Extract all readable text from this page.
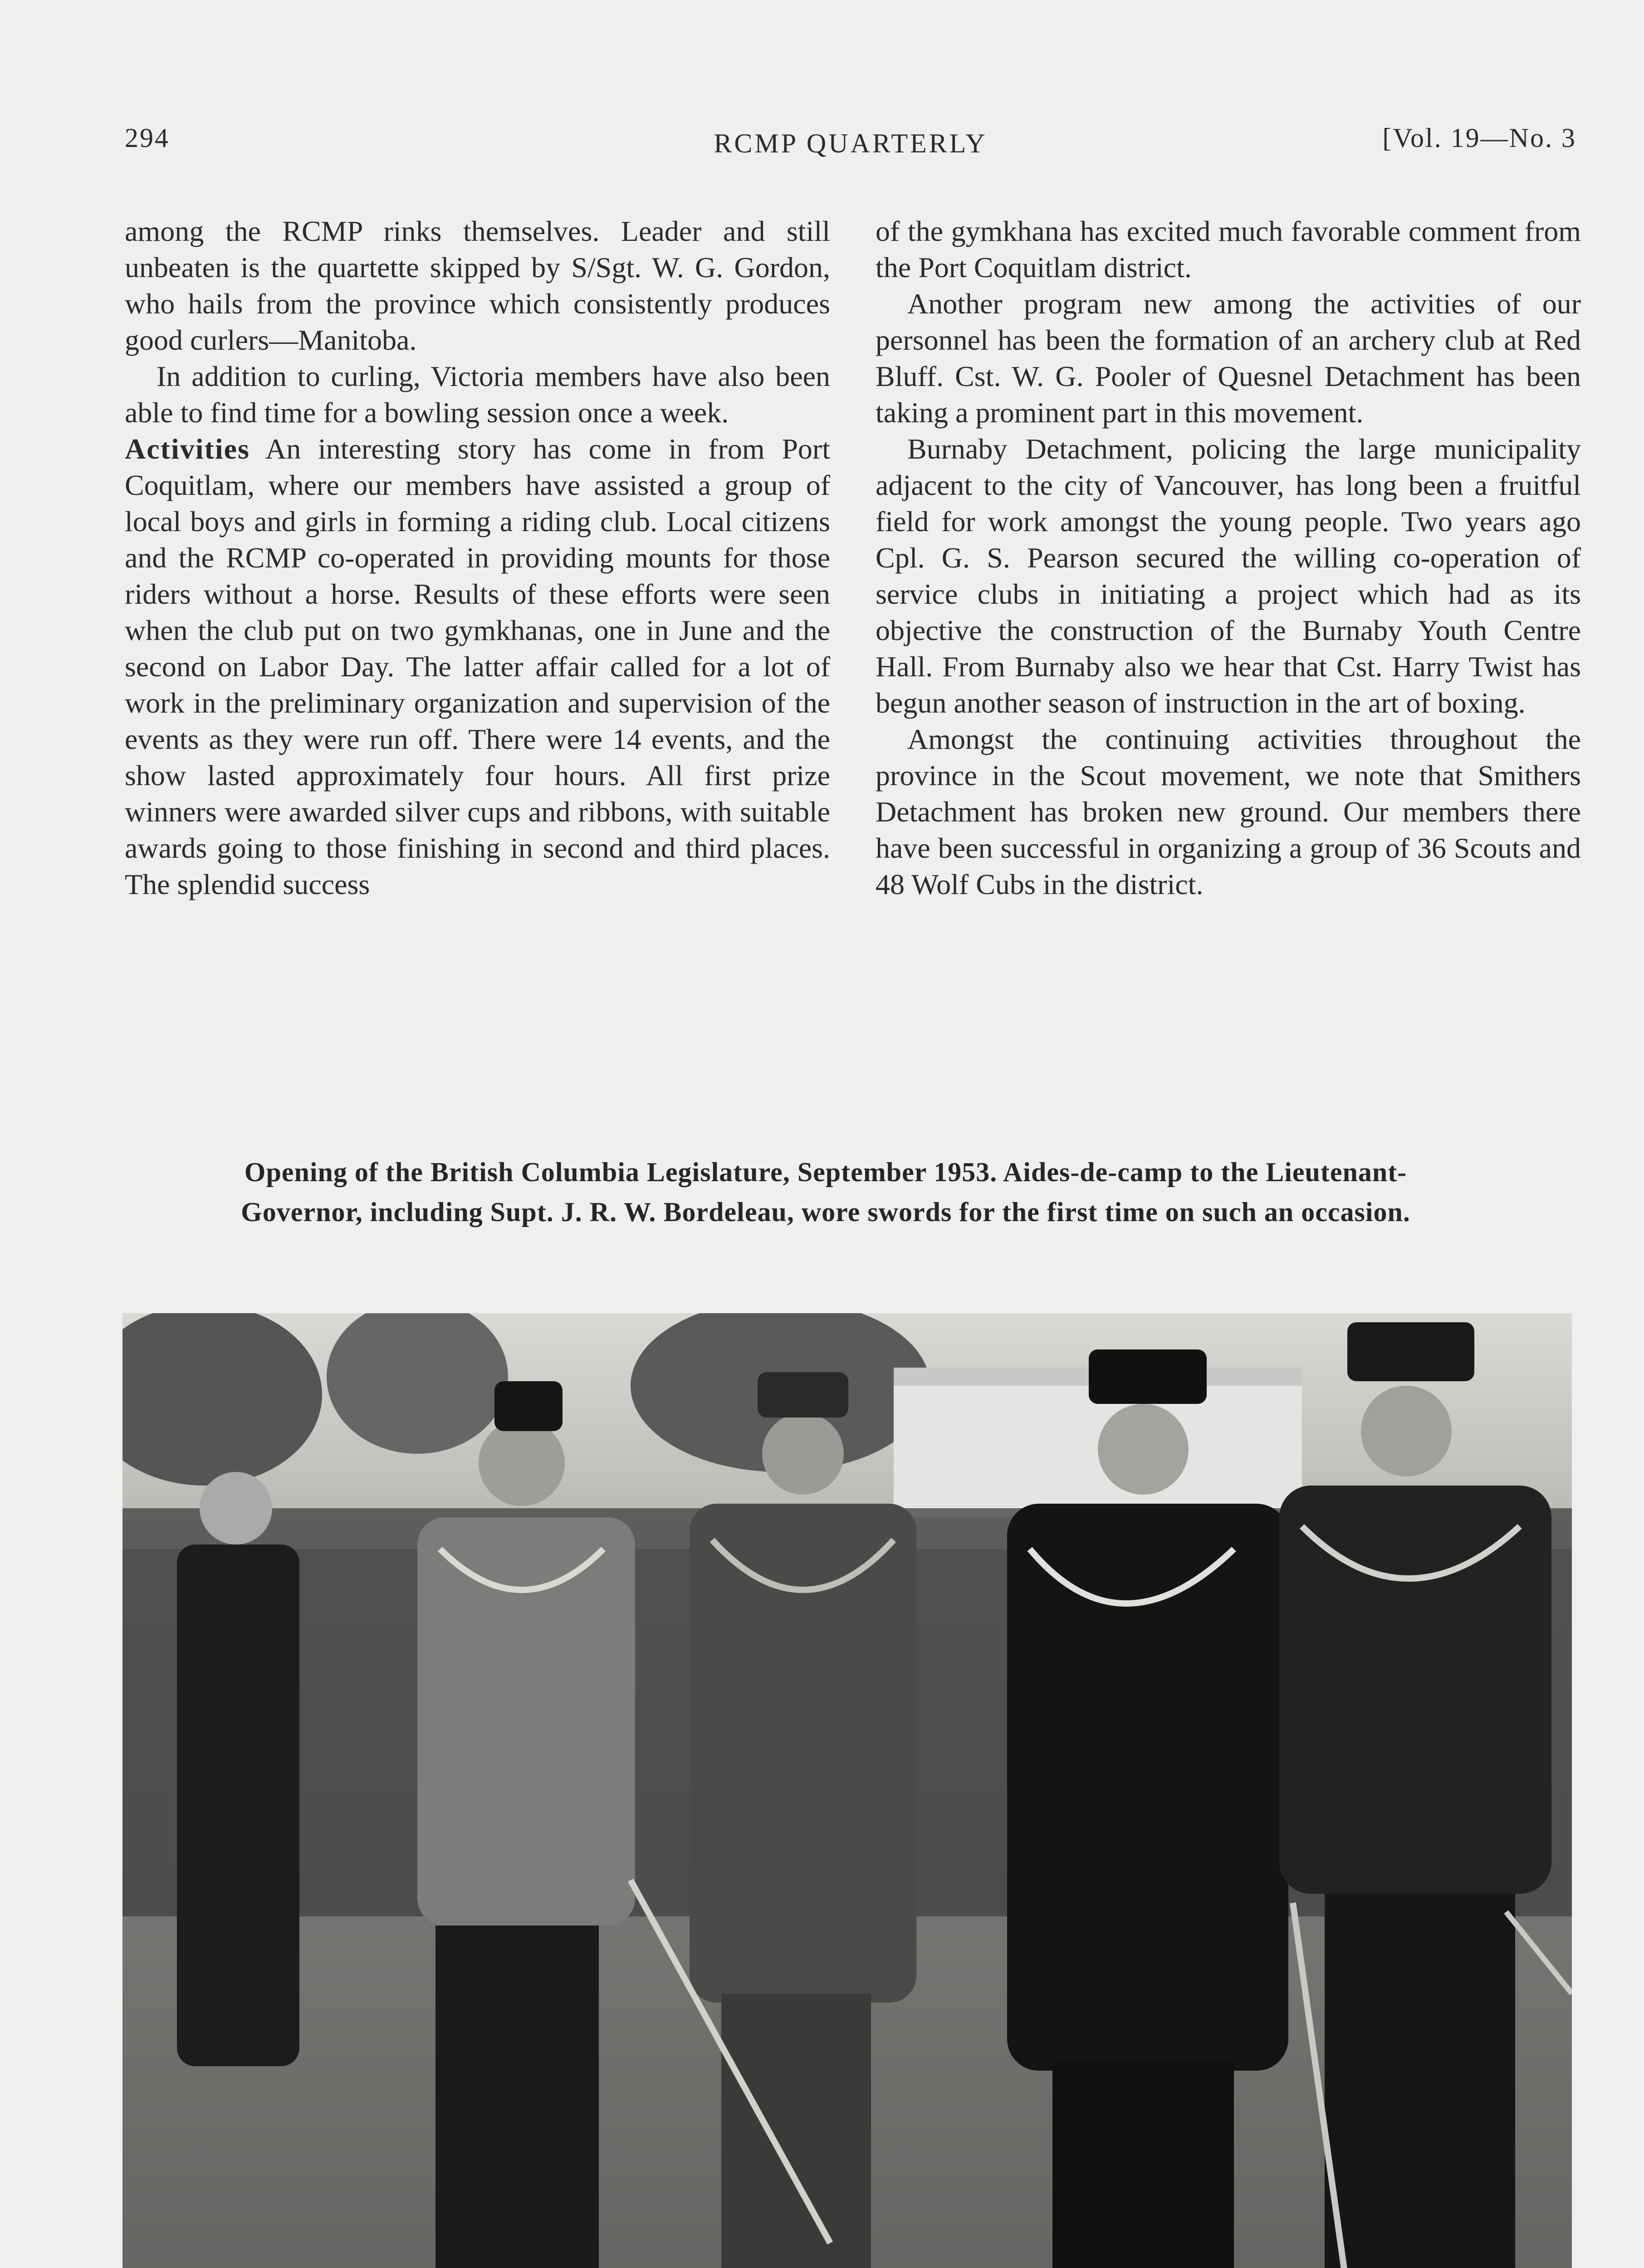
294	RCMP QUARTERLY	[Vol. 19—No. 3

among the RCMP rinks themselves. Leader and still unbeaten is the quartette skipped by S/Sgt. W. G. Gordon, who hails from the province which consistently produces good curlers—Manitoba.

In addition to curling, Victoria members have also been able to find time for a bowling session once a week.

Activities An interesting story has come in from Port Coquitlam, where our members have assisted a group of local boys and girls in forming a riding club. Local citizens and the RCMP co-operated in providing mounts for those riders without a horse. Results of these efforts were seen when the club put on two gymkhanas, one in June and the second on Labor Day. The latter affair called for a lot of work in the preliminary organization and supervision of the events as they were run off. There were 14 events, and the show lasted approximately four hours. All first prize winners were awarded silver cups and ribbons, with suitable awards going to those finishing in second and third places. The splendid success

of the gymkhana has excited much favorable comment from the Port Coquitlam district.

Another program new among the activities of our personnel has been the formation of an archery club at Red Bluff. Cst. W. G. Pooler of Quesnel Detachment has been taking a prominent part in this movement.

Burnaby Detachment, policing the large municipality adjacent to the city of Vancouver, has long been a fruitful field for work amongst the young people. Two years ago Cpl. G. S. Pearson secured the willing co-operation of service clubs in initiating a project which had as its objective the construction of the Burnaby Youth Centre Hall. From Burnaby also we hear that Cst. Harry Twist has begun another season of instruction in the art of boxing.

Amongst the continuing activities throughout the province in the Scout movement, we note that Smithers Detachment has broken new ground. Our members there have been successful in organizing a group of 36 Scouts and 48 Wolf Cubs in the district.

Opening of the British Columbia Legislature, September 1953. Aides-de-camp to the Lieutenant-Governor, including Supt. J. R. W. Bordeleau, wore swords for the first time on such an occasion.
